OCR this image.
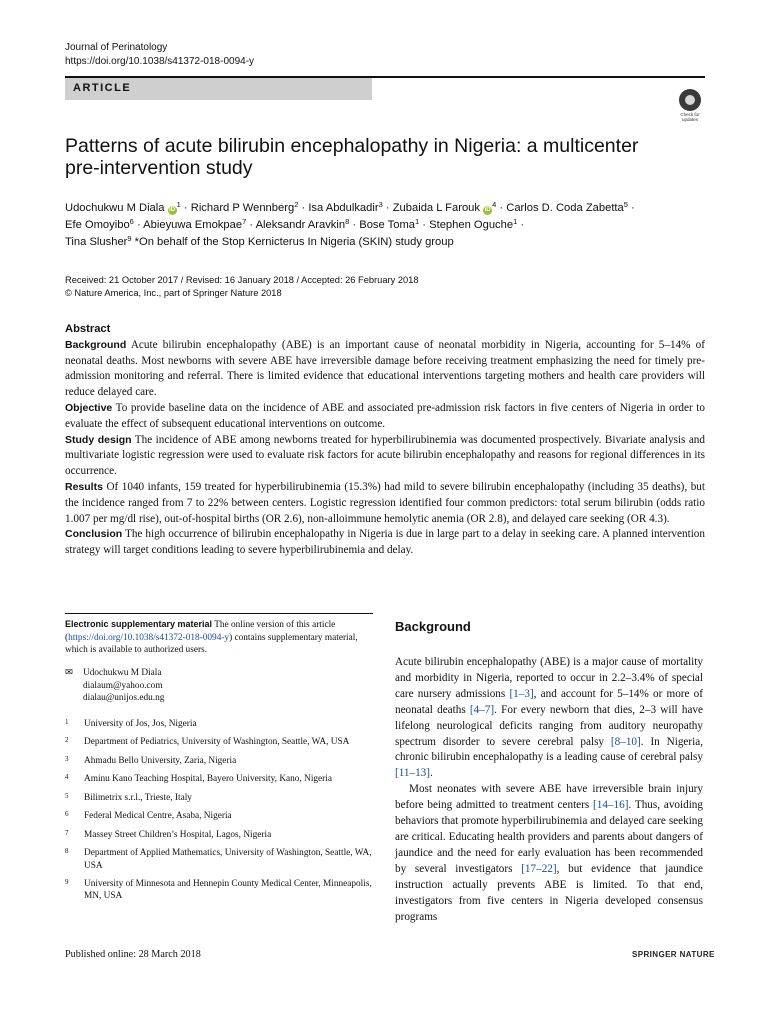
Journal of Perinatology
https://doi.org/10.1038/s41372-018-0094-y
ARTICLE
Check for updates
Patterns of acute bilirubin encephalopathy in Nigeria: a multicenter pre-intervention study
Udochukwu M Diala $iD^1$ · Richard P Wennberg$^2$ · Isa Abdulkadir$^3$ · Zubaida L Farouk $iD^4$ · Carlos D. Coda Zabetta$^5$ ·
Efe Omoyibo$^6$ · Abieyuwa Emokpae$^7$ · Aleksandr Aravkin$^8$ · Bose Toma$^1$ · Stephen Oguche$^1$ ·
Tina Slusher$^9$ *On behalf of the Stop Kernicterus In Nigeria (SKIN) study group
Received: 21 October 2017 / Revised: 16 January 2018 / Accepted: 26 February 2018
© Nature America, Inc., part of Springer Nature 2018
Abstract

Background Acute bilirubin encephalopathy (ABE) is an important cause of neonatal morbidity in Nigeria, accounting for 5–14% of neonatal deaths. Most newborns with severe ABE have irreversible damage before receiving treatment emphasizing the need for timely pre-admission monitoring and referral. There is limited evidence that educational interventions targeting mothers and health care providers will reduce delayed care.

Objective To provide baseline data on the incidence of ABE and associated pre-admission risk factors in five centers of Nigeria in order to evaluate the effect of subsequent educational interventions on outcome.

Study design The incidence of ABE among newborns treated for hyperbilirubinemia was documented prospectively. Bivariate analysis and multivariate logistic regression were used to evaluate risk factors for acute bilirubin encephalopathy and reasons for regional differences in its occurrence.

Results Of 1040 infants, 159 treated for hyperbilirubinemia (15.3%) had mild to severe bilirubin encephalopathy (including 35 deaths), but the incidence ranged from 7 to 22% between centers. Logistic regression identified four common predictors: total serum bilirubin (odds ratio 1.007 per mg/dl rise), out-of-hospital births (OR 2.6), non-alloimmune hemolytic anemia (OR 2.8), and delayed care seeking (OR 4.3).

Conclusion The high occurrence of bilirubin encephalopathy in Nigeria is due in large part to a delay in seeking care. A planned intervention strategy will target conditions leading to severe hyperbilirubinemia and delay.

Electronic supplementary material The online version of this article (https://doi.org/10.1038/s41372-018-0094-y) contains supplementary material, which is available to authorized users.
✉ Udochukwu M Diala
dialaum@yahoo.com
dialau@unijos.edu.ng
1 University of Jos, Jos, Nigeria
2 Department of Pediatrics, University of Washington, Seattle, WA, USA
3 Ahmadu Bello University, Zaria, Nigeria
4 Aminu Kano Teaching Hospital, Bayero University, Kano, Nigeria
5 Bilimetrix s.r.l., Trieste, Italy
6 Federal Medical Centre, Asaba, Nigeria
7 Massey Street Children’s Hospital, Lagos, Nigeria
8 Department of Applied Mathematics, University of Washington, Seattle, WA, USA
9 University of Minnesota and Hennepin County Medical Center, Minneapolis, MN, USA
Background

Acute bilirubin encephalopathy (ABE) is a major cause of mortality and morbidity in Nigeria, reported to occur in 2.2–3.4% of special care nursery admissions [1–3], and account for 5–14% or more of neonatal deaths [4–7]. For every newborn that dies, 2–3 will have lifelong neurological deficits ranging from auditory neuropathy spectrum disorder to severe cerebral palsy [8–10]. In Nigeria, chronic bilirubin encephalopathy is a leading cause of cerebral palsy [11–13].

Most neonates with severe ABE have irreversible brain injury before being admitted to treatment centers [14–16]. Thus, avoiding behaviors that promote hyperbilirubinemia and delayed care seeking are critical. Educating health providers and parents about dangers of jaundice and the need for early evaluation has been recommended by several investigators [17–22], but evidence that jaundice instruction actually prevents ABE is limited. To that end, investigators from five centers in Nigeria developed consensus programs

Published online: 28 March 2018	SPRINGER NATURE
